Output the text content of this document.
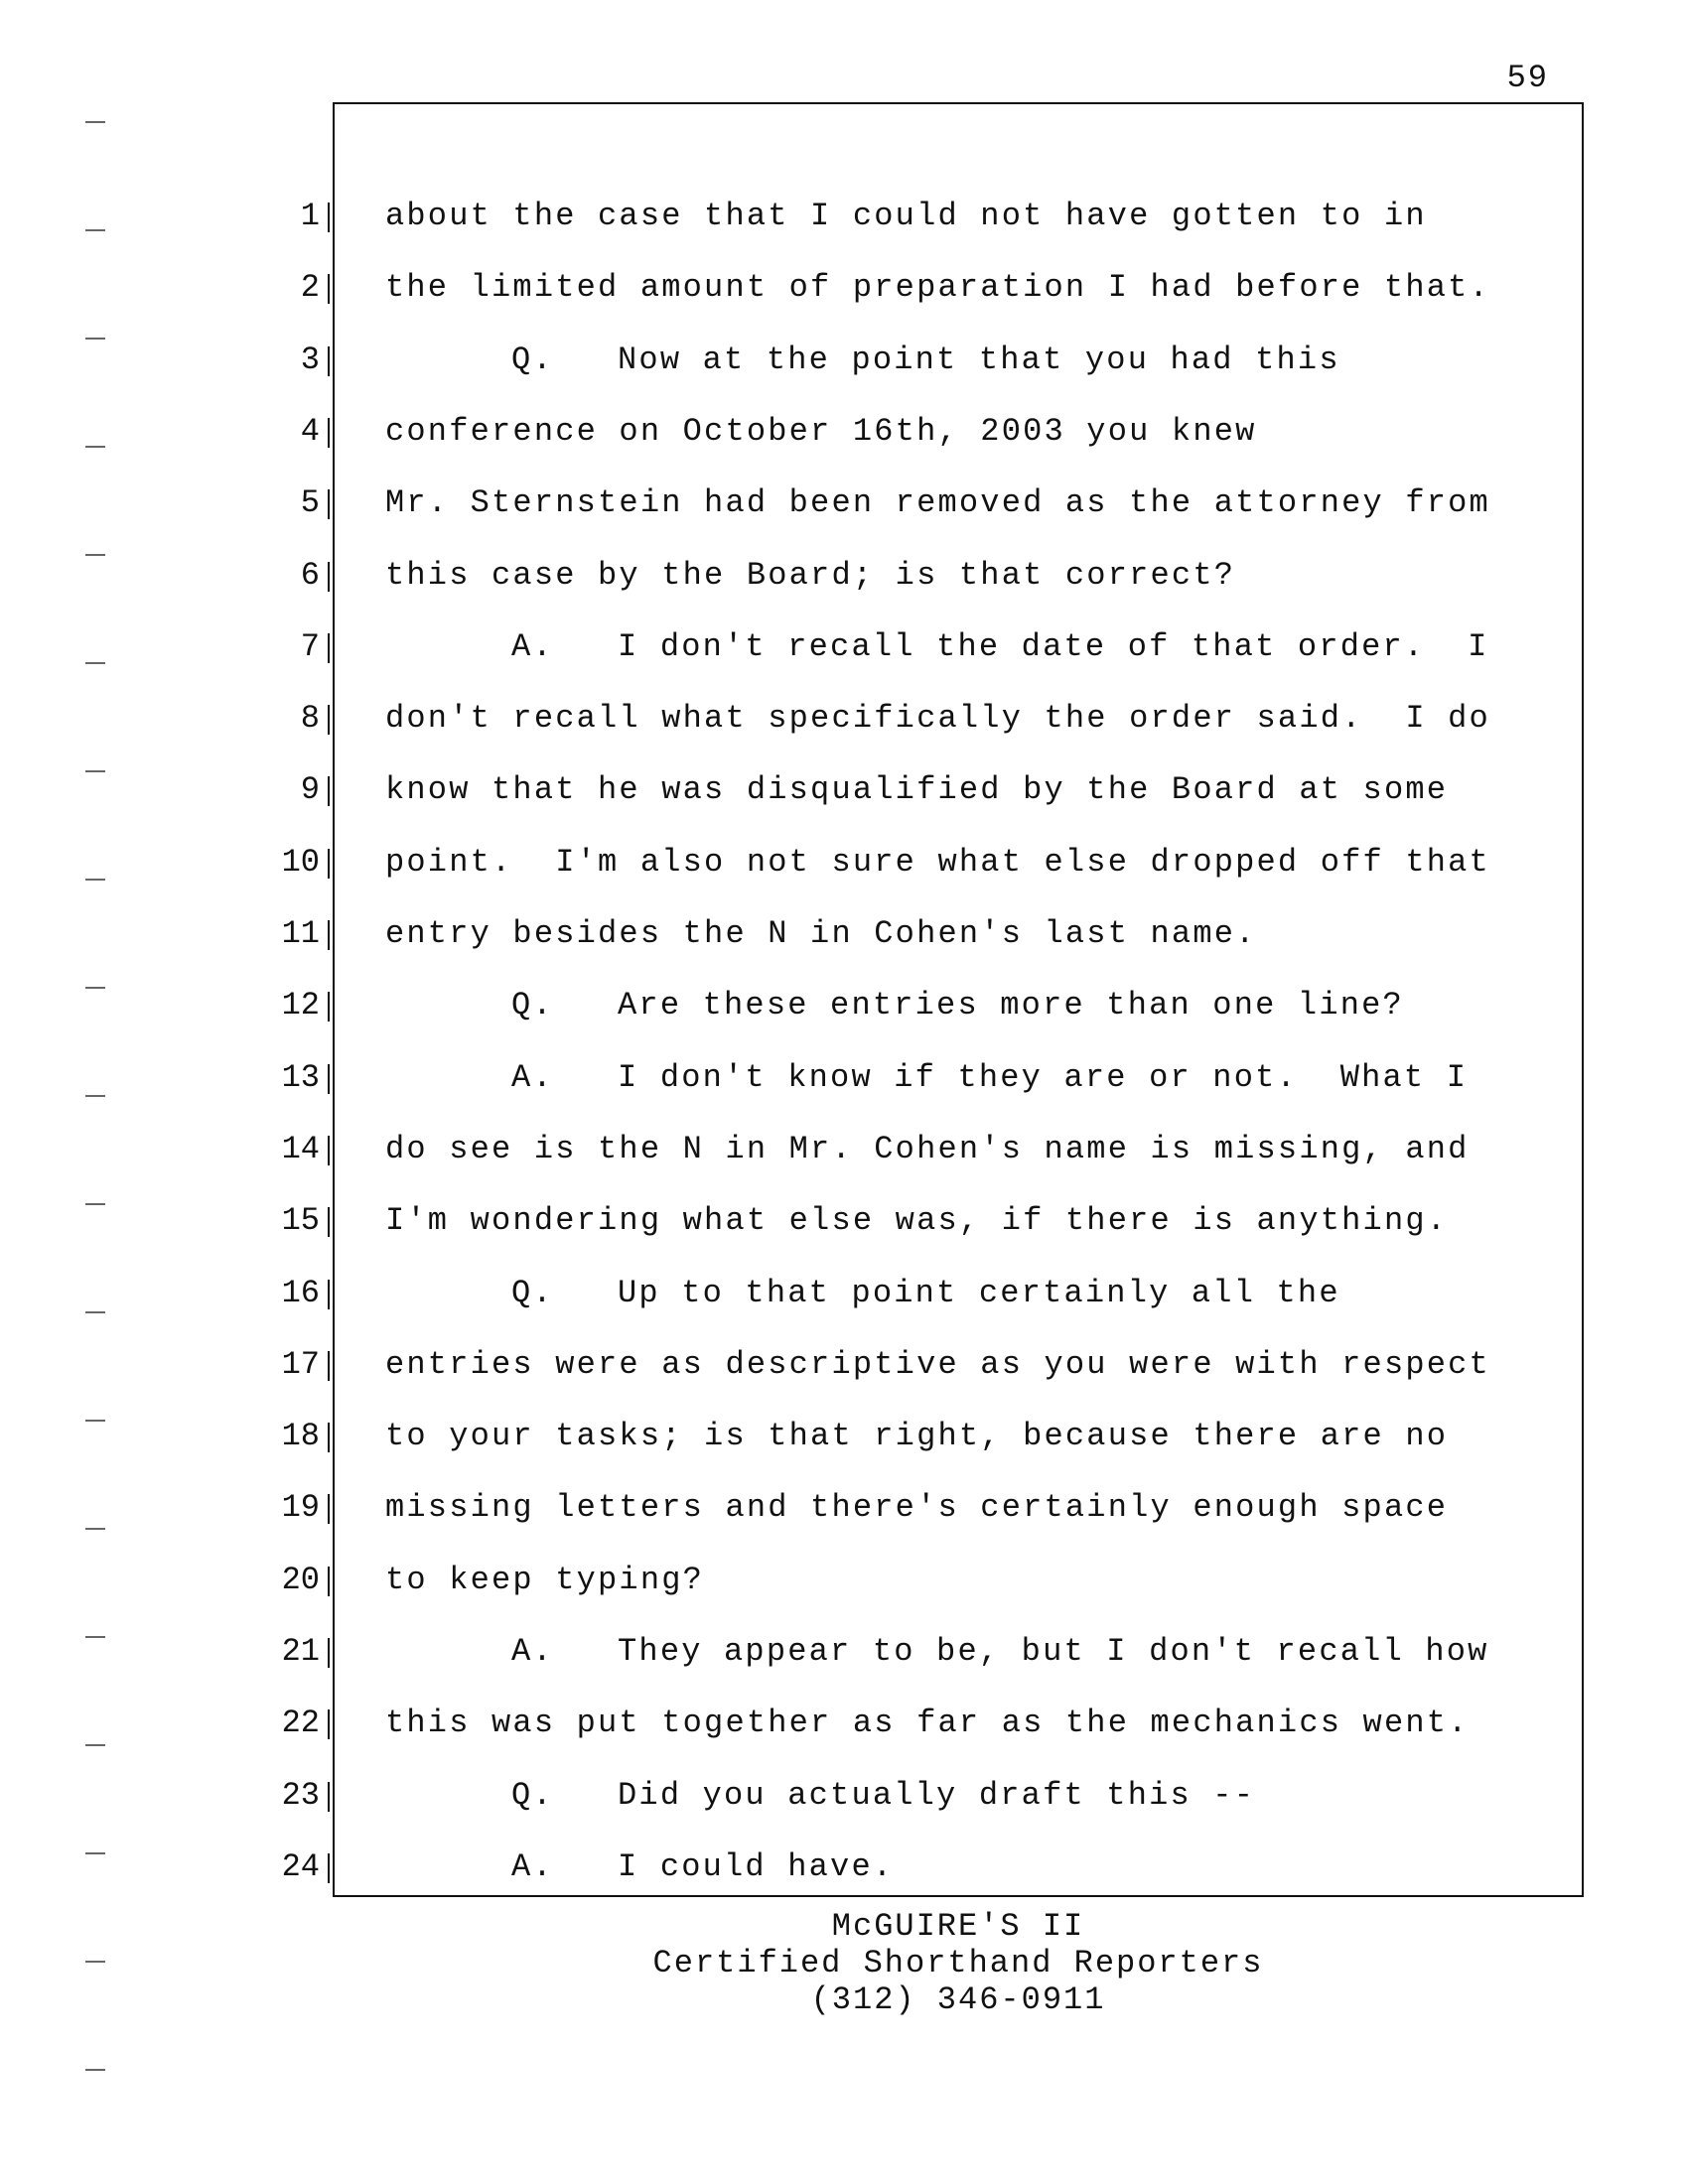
59
1 about the case that I could not have gotten to in
2 the limited amount of preparation I had before that.
3	Q.   Now at the point that you had this
4 conference on October 16th, 2003 you knew
5 Mr. Sternstein had been removed as the attorney from
6 this case by the Board; is that correct?
7	A.   I don't recall the date of that order.  I
8 don't recall what specifically the order said.  I do
9 know that he was disqualified by the Board at some
10 point.  I'm also not sure what else dropped off that
11 entry besides the N in Cohen's last name.
12	Q.   Are these entries more than one line?
13	A.   I don't know if they are or not.  What I
14 do see is the N in Mr. Cohen's name is missing, and
15 I'm wondering what else was, if there is anything.
16	Q.   Up to that point certainly all the
17 entries were as descriptive as you were with respect
18 to your tasks; is that right, because there are no
19 missing letters and there's certainly enough space
20 to keep typing?
21	A.   They appear to be, but I don't recall how
22 this was put together as far as the mechanics went.
23	Q.   Did you actually draft this --
24	A.   I could have.
McGUIRE'S II
Certified Shorthand Reporters
(312) 346-0911
